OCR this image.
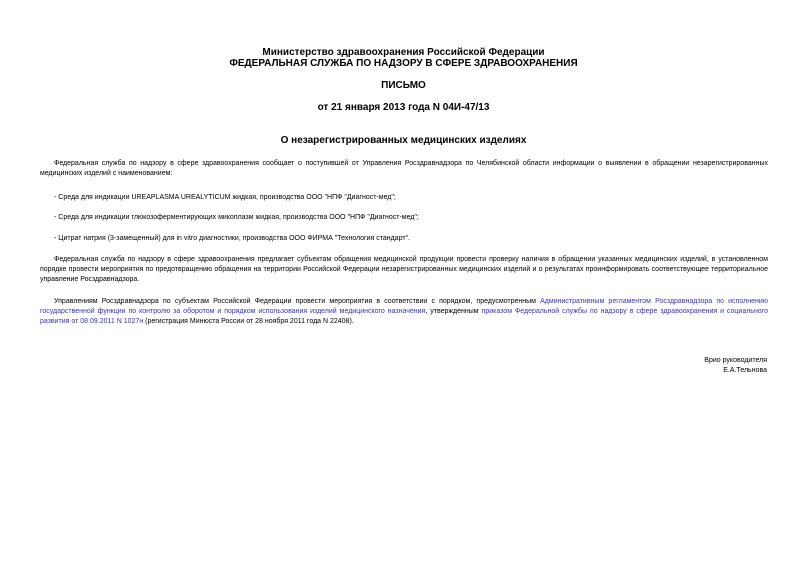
Министерство здравоохранения Российской Федерации
ФЕДЕРАЛЬНАЯ СЛУЖБА ПО НАДЗОРУ В СФЕРЕ ЗДРАВООХРАНЕНИЯ
ПИСЬМО
от 21 января 2013 года N 04И-47/13
О незарегистрированных медицинских изделиях

Федеральная служба по надзору в сфере здравоохранения сообщает о поступившей от Управления Росздравнадзора по Челябинской области информации о выявлении в обращении незарегистрированных медицинских изделий с наименованием:

- Среда для индикации UREAPLASMA UREALYTICUM жидкая, производства ООО "НПФ "Диагност-мед";

- Среда для индикации глюкозоферментирующих микоплазм жидкая, производства ООО "НПФ "Диагност-мед";

- Цитрат натрия (3-замещенный) для in vitro диагностики, производства ООО ФИРМА "Технология стандарт".

Федеральная служба по надзору в сфере здравоохранения предлагает субъектам обращения медицинской продукции провести проверку наличия в обращении указанных медицинских изделий, в установленном порядке провести мероприятия по предотвращению обращения на территории Российской Федерации незарегистрированных медицинских изделий и о результатах проинформировать соответствующее территориальное управление Росздравнадзора.

Управлениям Росздравнадзора по субъектам Российской Федерации провести мероприятия в соответствии с порядком, предусмотренным Административным регламентом Росздравнадзора по исполнению государственной функции по контролю за оборотом и порядком использования изделий медицинского назначения, утвержденным приказом Федеральной службы по надзору в сфере здравоохранения и социального развития от 08.09.2011 N 1027н (регистрация Минюста России от 28 ноября 2011 года N 22408).

Врио руководителя
Е.А.Тельнова
